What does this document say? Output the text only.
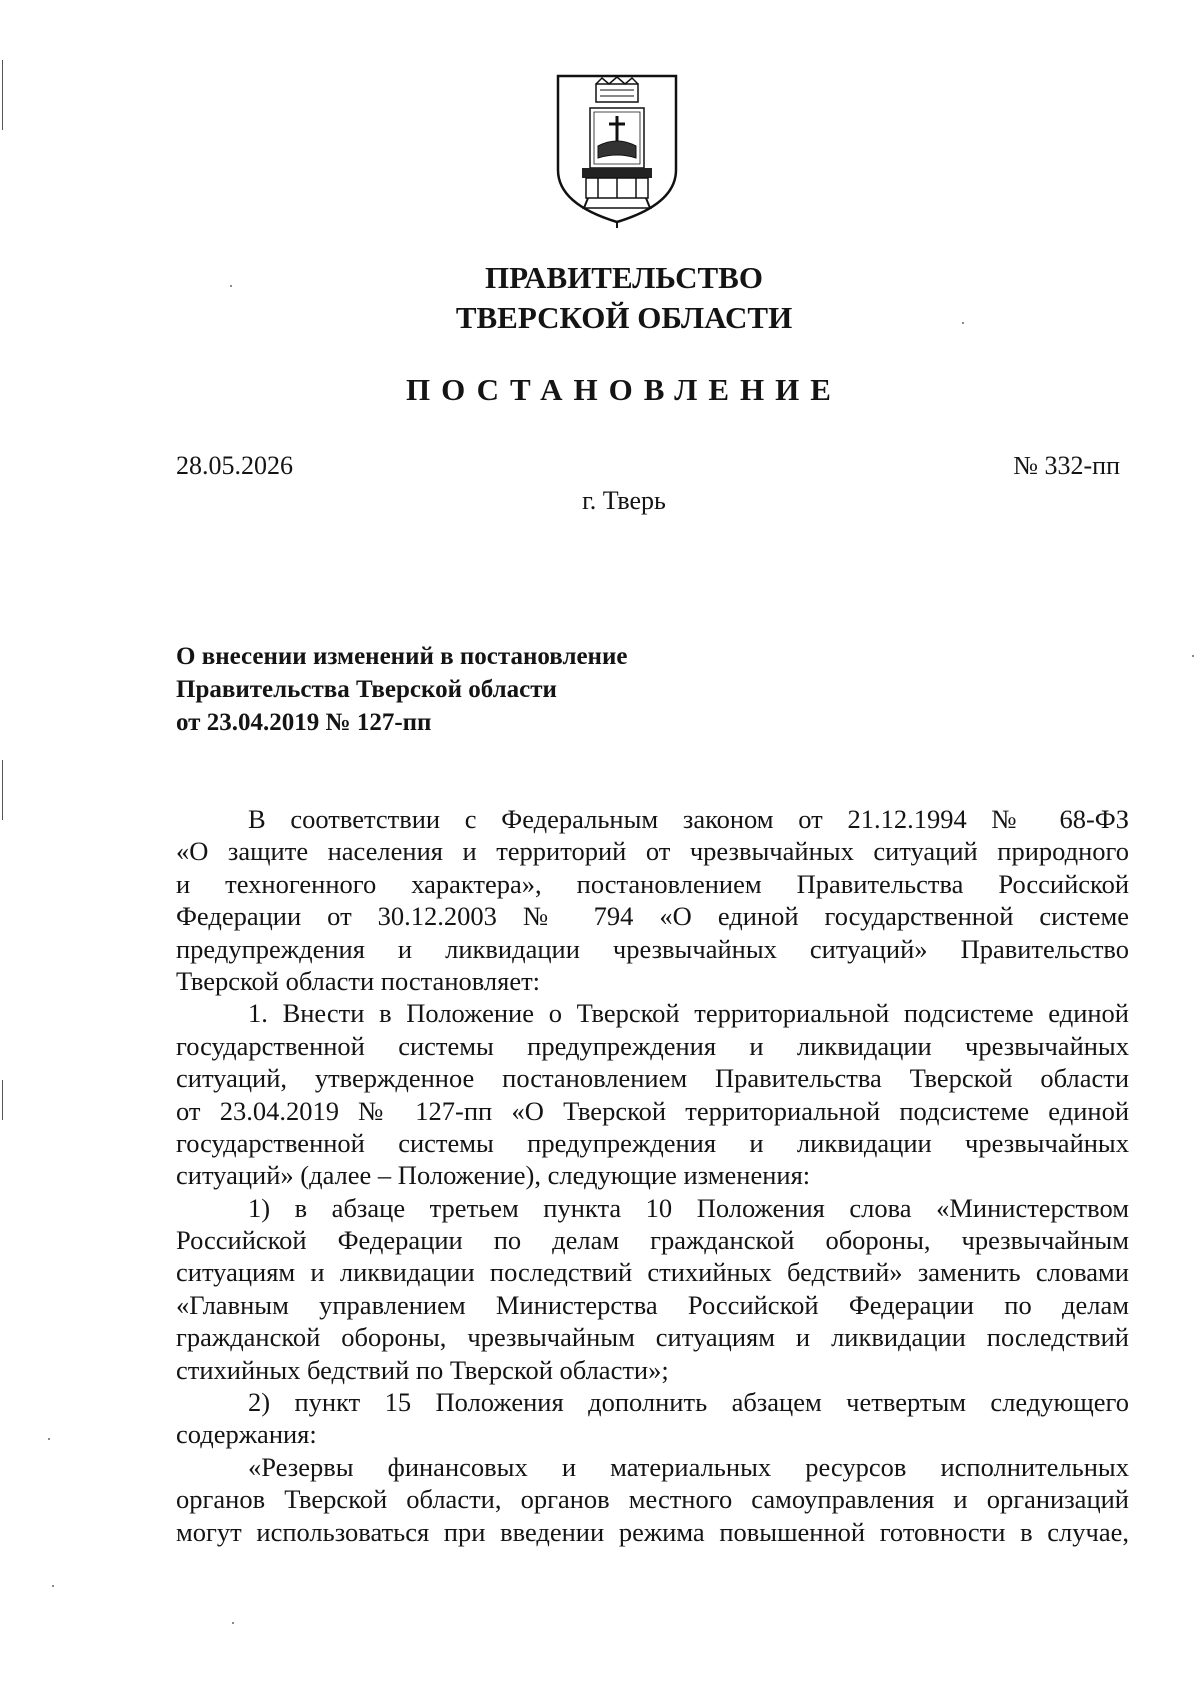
ПРАВИТЕЛЬСТВО
ТВЕРСКОЙ ОБЛАСТИ
ПОСТАНОВЛЕНИЕ
28.05.2026	№ 332-пп
г. Тверь
О внесении изменений в постановление
Правительства Тверской области
от 23.04.2019 № 127-пп
В соответствии с Федеральным законом от 21.12.1994 № 68-ФЗ
«О защите населения и территорий от чрезвычайных ситуаций природного
и техногенного характера», постановлением Правительства Российской
Федерации от 30.12.2003 № 794 «О единой государственной системе
предупреждения и ликвидации чрезвычайных ситуаций» Правительство
Тверской области постановляет:
1. Внести в Положение о Тверской территориальной подсистеме единой
государственной системы предупреждения и ликвидации чрезвычайных
ситуаций, утвержденное постановлением Правительства Тверской области
от 23.04.2019 № 127-пп «О Тверской территориальной подсистеме единой
государственной системы предупреждения и ликвидации чрезвычайных
ситуаций» (далее – Положение), следующие изменения:
1) в абзаце третьем пункта 10 Положения слова «Министерством
Российской Федерации по делам гражданской обороны, чрезвычайным
ситуациям и ликвидации последствий стихийных бедствий» заменить словами
«Главным управлением Министерства Российской Федерации по делам
гражданской обороны, чрезвычайным ситуациям и ликвидации последствий
стихийных бедствий по Тверской области»;
2) пункт 15 Положения дополнить абзацем четвертым следующего
содержания:
«Резервы финансовых и материальных ресурсов исполнительных
органов Тверской области, органов местного самоуправления и организаций
могут использоваться при введении режима повышенной готовности в случае,
